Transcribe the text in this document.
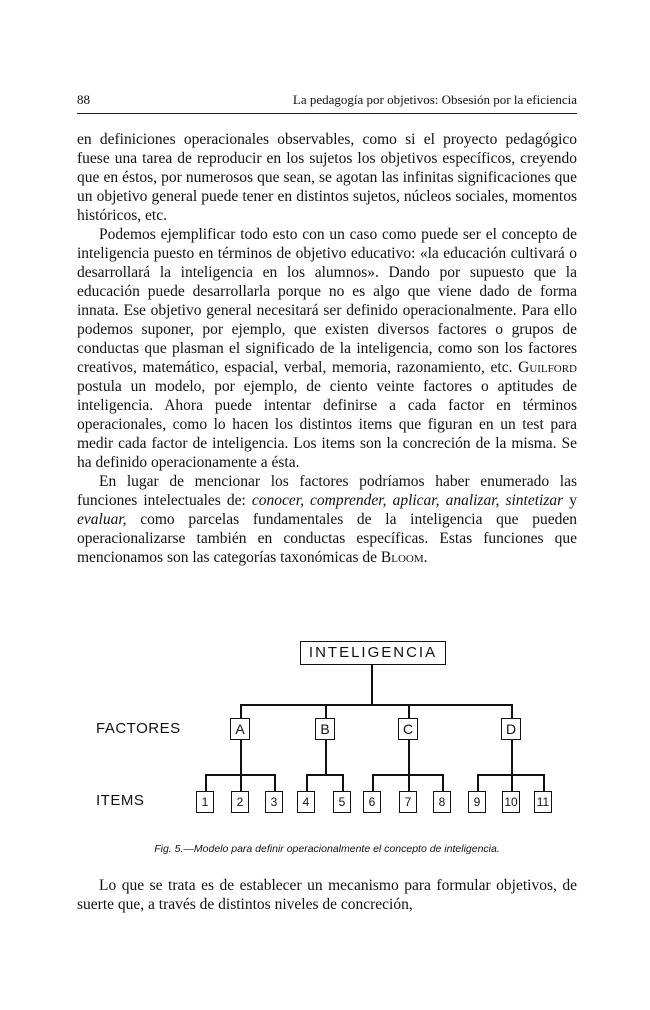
88	La pedagogía por objetivos: Obsesión por la eficiencia

en definiciones operacionales observables, como si el proyecto pedagógico fuese una tarea de reproducir en los sujetos los objetivos específicos, creyendo que en éstos, por numerosos que sean, se agotan las infinitas significaciones que un objetivo general puede tener en distintos sujetos, núcleos sociales, momentos históricos, etc.

Podemos ejemplificar todo esto con un caso como puede ser el concepto de inteligencia puesto en términos de objetivo educativo: «la educación cultivará o desarrollará la inteligencia en los alumnos». Dando por supuesto que la educación puede desarrollarla porque no es algo que viene dado de forma innata. Ese objetivo general necesitará ser definido operacionalmente. Para ello podemos suponer, por ejemplo, que existen diversos factores o grupos de conductas que plasman el significado de la inteligencia, como son los factores creativos, matemático, espacial, verbal, memoria, razonamiento, etc. Guilford postula un modelo, por ejemplo, de ciento veinte factores o aptitudes de inteligencia. Ahora puede intentar definirse a cada factor en términos operacionales, como lo hacen los distintos items que figuran en un test para medir cada factor de inteligencia. Los items son la concreción de la misma. Se ha definido operacionamente a ésta.

En lugar de mencionar los factores podríamos haber enumerado las funciones intelectuales de: conocer, comprender, aplicar, analizar, sintetizar y evaluar, como parcelas fundamentales de la inteligencia que pueden operacionalizarse también en conductas específicas. Estas funciones que mencionamos son las categorías taxonómicas de Bloom.

INTELIGENCIA
FACTORES
ITEMS
A	B	C	D
1	2	3	4	5	6	7	8	9	10 11
Fig. 5.—Modelo para definir operacionalmente el concepto de inteligencia.

Lo que se trata es de establecer un mecanismo para formular objetivos, de suerte que, a través de distintos niveles de concreción,
